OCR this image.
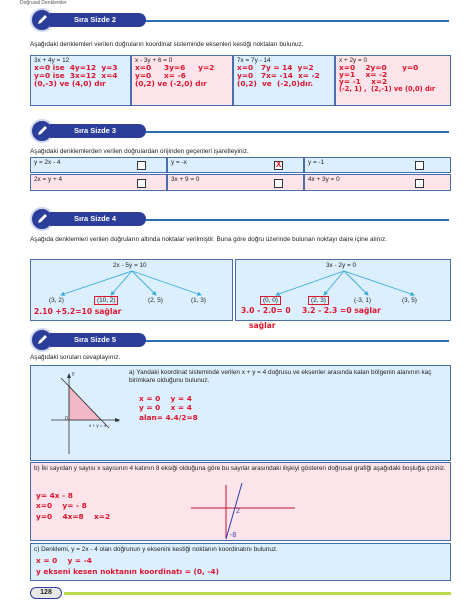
Doğrusal Denklemler
Sıra Sizde 2
Aşağıdaki denklemleri verilen doğruların koordinat sisteminde eksenleri kestiği noktaları bulunuz.
3x + 4y = 12
x=0 ise  4y=12  y=3
y=0 ise  3x=12  x=4
(0,-3) ve (4,0) dır
x - 3y + 6 = 0
x=0     3y=6     y=2
y=0     x= -6
(0,2) ve (-2,0) dır
7x = 7y - 14
x=0   7y = 14  y=2
y=0   7x= -14  x= -2
(0,2)  ve  (-2,0)dır.
x + 2y = 0
x=0    2y=0      y=0
y=1    x= -2
y= -1    x=2
(-2, 1) ,  (2,-1) ve (0,0) dır
Sıra Sizde 3
Aşağıdaki denklemlerden verilen doğrulardan orijinden geçenleri işaretleyiniz.
y = 2x - 4	y = -x	X	y = -1
2x = y + 4	3x + 9 = 0	4x + 3y = 0
Sıra Sizde 4
Aşağıda denklemleri verilen doğruların altında noktalar verilmiştir. Buna göre doğru üzerinde bulunan noktayı daire içine alınız.
2x - 5y = 10
(3, 2)	(10, 2)	(2, 5)	(1, 3)
2.10 +5.2=10 sağlar
3x - 2y = 0
(0, 0)	(2, 3)	(-3, 1)	(3, 5)
3.0 - 2.0= 0 3.2 - 2.3 =0 sağlar
sağlar
Sıra Sizde 5
Aşağıdaki soruları cevaplayınız.
y
x
0
x + y = 4
a) Yandaki koordinat sisteminde verilen x + y = 4 doğrusu ve eksenler arasında kalan bölgenin alanının kaç birimkare olduğunu bulunuz.
x = 0    y = 4
y = 0    x = 4
alan= 4.4/2=8
b) İki sayıdan y sayısı x sayısının 4 katının 8 eksiği olduğuna göre bu sayılar arasındaki ilişkiyi gösteren doğrusal grafiği aşağıdaki boşluğa çiziniz.
y= 4x - 8
x=0    y= - 8
y=0    4x=8    x=2
2
-8
c) Denklemi, y = 2x - 4 olan doğrunun y eksenini kestiği noktanın koordinatını bulunuz.
x = 0    y = -4
y ekseni kesen noktanın koordinatı = (0, -4)
128
